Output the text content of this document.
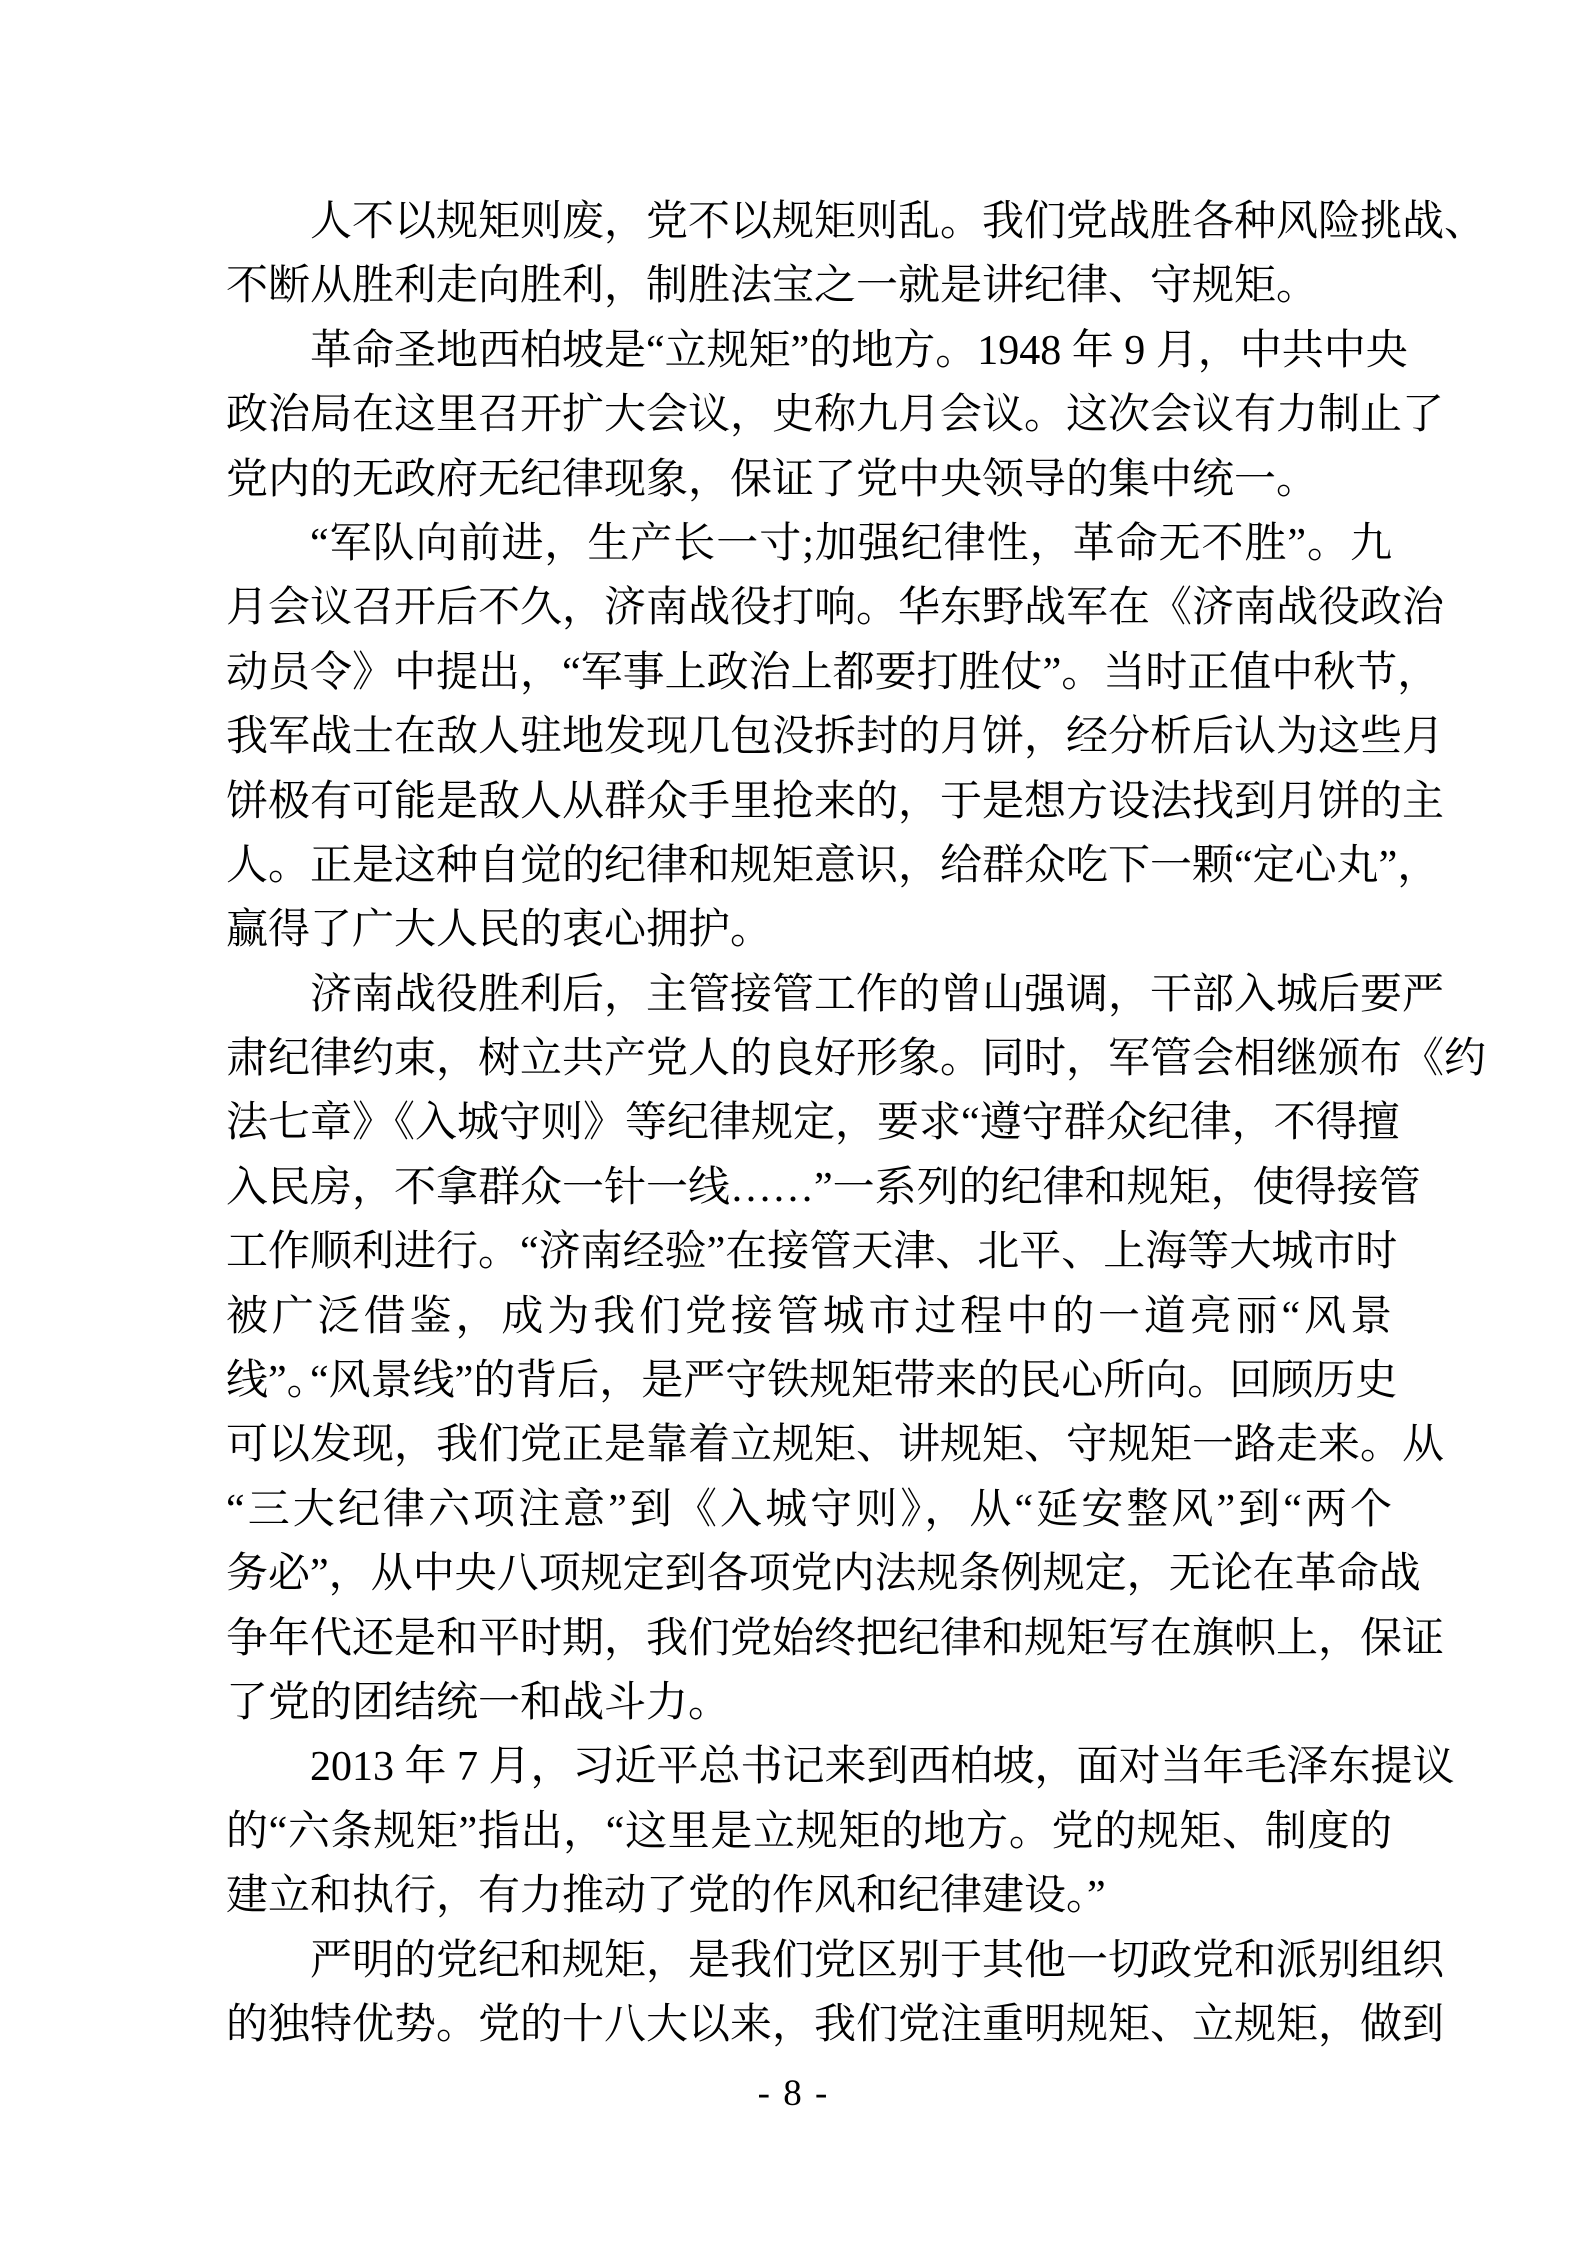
人不以规矩则废，党不以规矩则乱。我们党战胜各种风险挑战、
不断从胜利走向胜利，制胜法宝之一就是讲纪律、守规矩。
革命圣地西柏坡是“立规矩”的地方。1948 年 9 月，中共中央
政治局在这里召开扩大会议，史称九月会议。这次会议有力制止了
党内的无政府无纪律现象，保证了党中央领导的集中统一。
“军队向前进，生产长一寸;加强纪律性，革命无不胜”。九
月会议召开后不久，济南战役打响。华东野战军在《济南战役政治
动员令》中提出，“军事上政治上都要打胜仗”。当时正值中秋节，
我军战士在敌人驻地发现几包没拆封的月饼，经分析后认为这些月
饼极有可能是敌人从群众手里抢来的，于是想方设法找到月饼的主
人。正是这种自觉的纪律和规矩意识，给群众吃下一颗“定心丸”，
赢得了广大人民的衷心拥护。
济南战役胜利后，主管接管工作的曾山强调，干部入城后要严
肃纪律约束，树立共产党人的良好形象。同时，军管会相继颁布《约
法七章》《入城守则》等纪律规定，要求“遵守群众纪律，不得擅
入民房，不拿群众一针一线……”一系列的纪律和规矩，使得接管
工作顺利进行。“济南经验”在接管天津、北平、上海等大城市时
被广泛借鉴，成为我们党接管城市过程中的一道亮丽“风景线”。
“风景线”的背后，是严守铁规矩带来的民心所向。回顾历史
可以发现，我们党正是靠着立规矩、讲规矩、守规矩一路走来。从
“三大纪律六项注意”到《入城守则》，从“延安整风”到“两个
务必”，从中央八项规定到各项党内法规条例规定，无论在革命战
争年代还是和平时期，我们党始终把纪律和规矩写在旗帜上，保证
了党的团结统一和战斗力。
2013 年 7 月，习近平总书记来到西柏坡，面对当年毛泽东提议
的“六条规矩”指出，“这里是立规矩的地方。党的规矩、制度的
建立和执行，有力推动了党的作风和纪律建设。”
严明的党纪和规矩，是我们党区别于其他一切政党和派别组织
的独特优势。党的十八大以来，我们党注重明规矩、立规矩，做到
- 8 -
